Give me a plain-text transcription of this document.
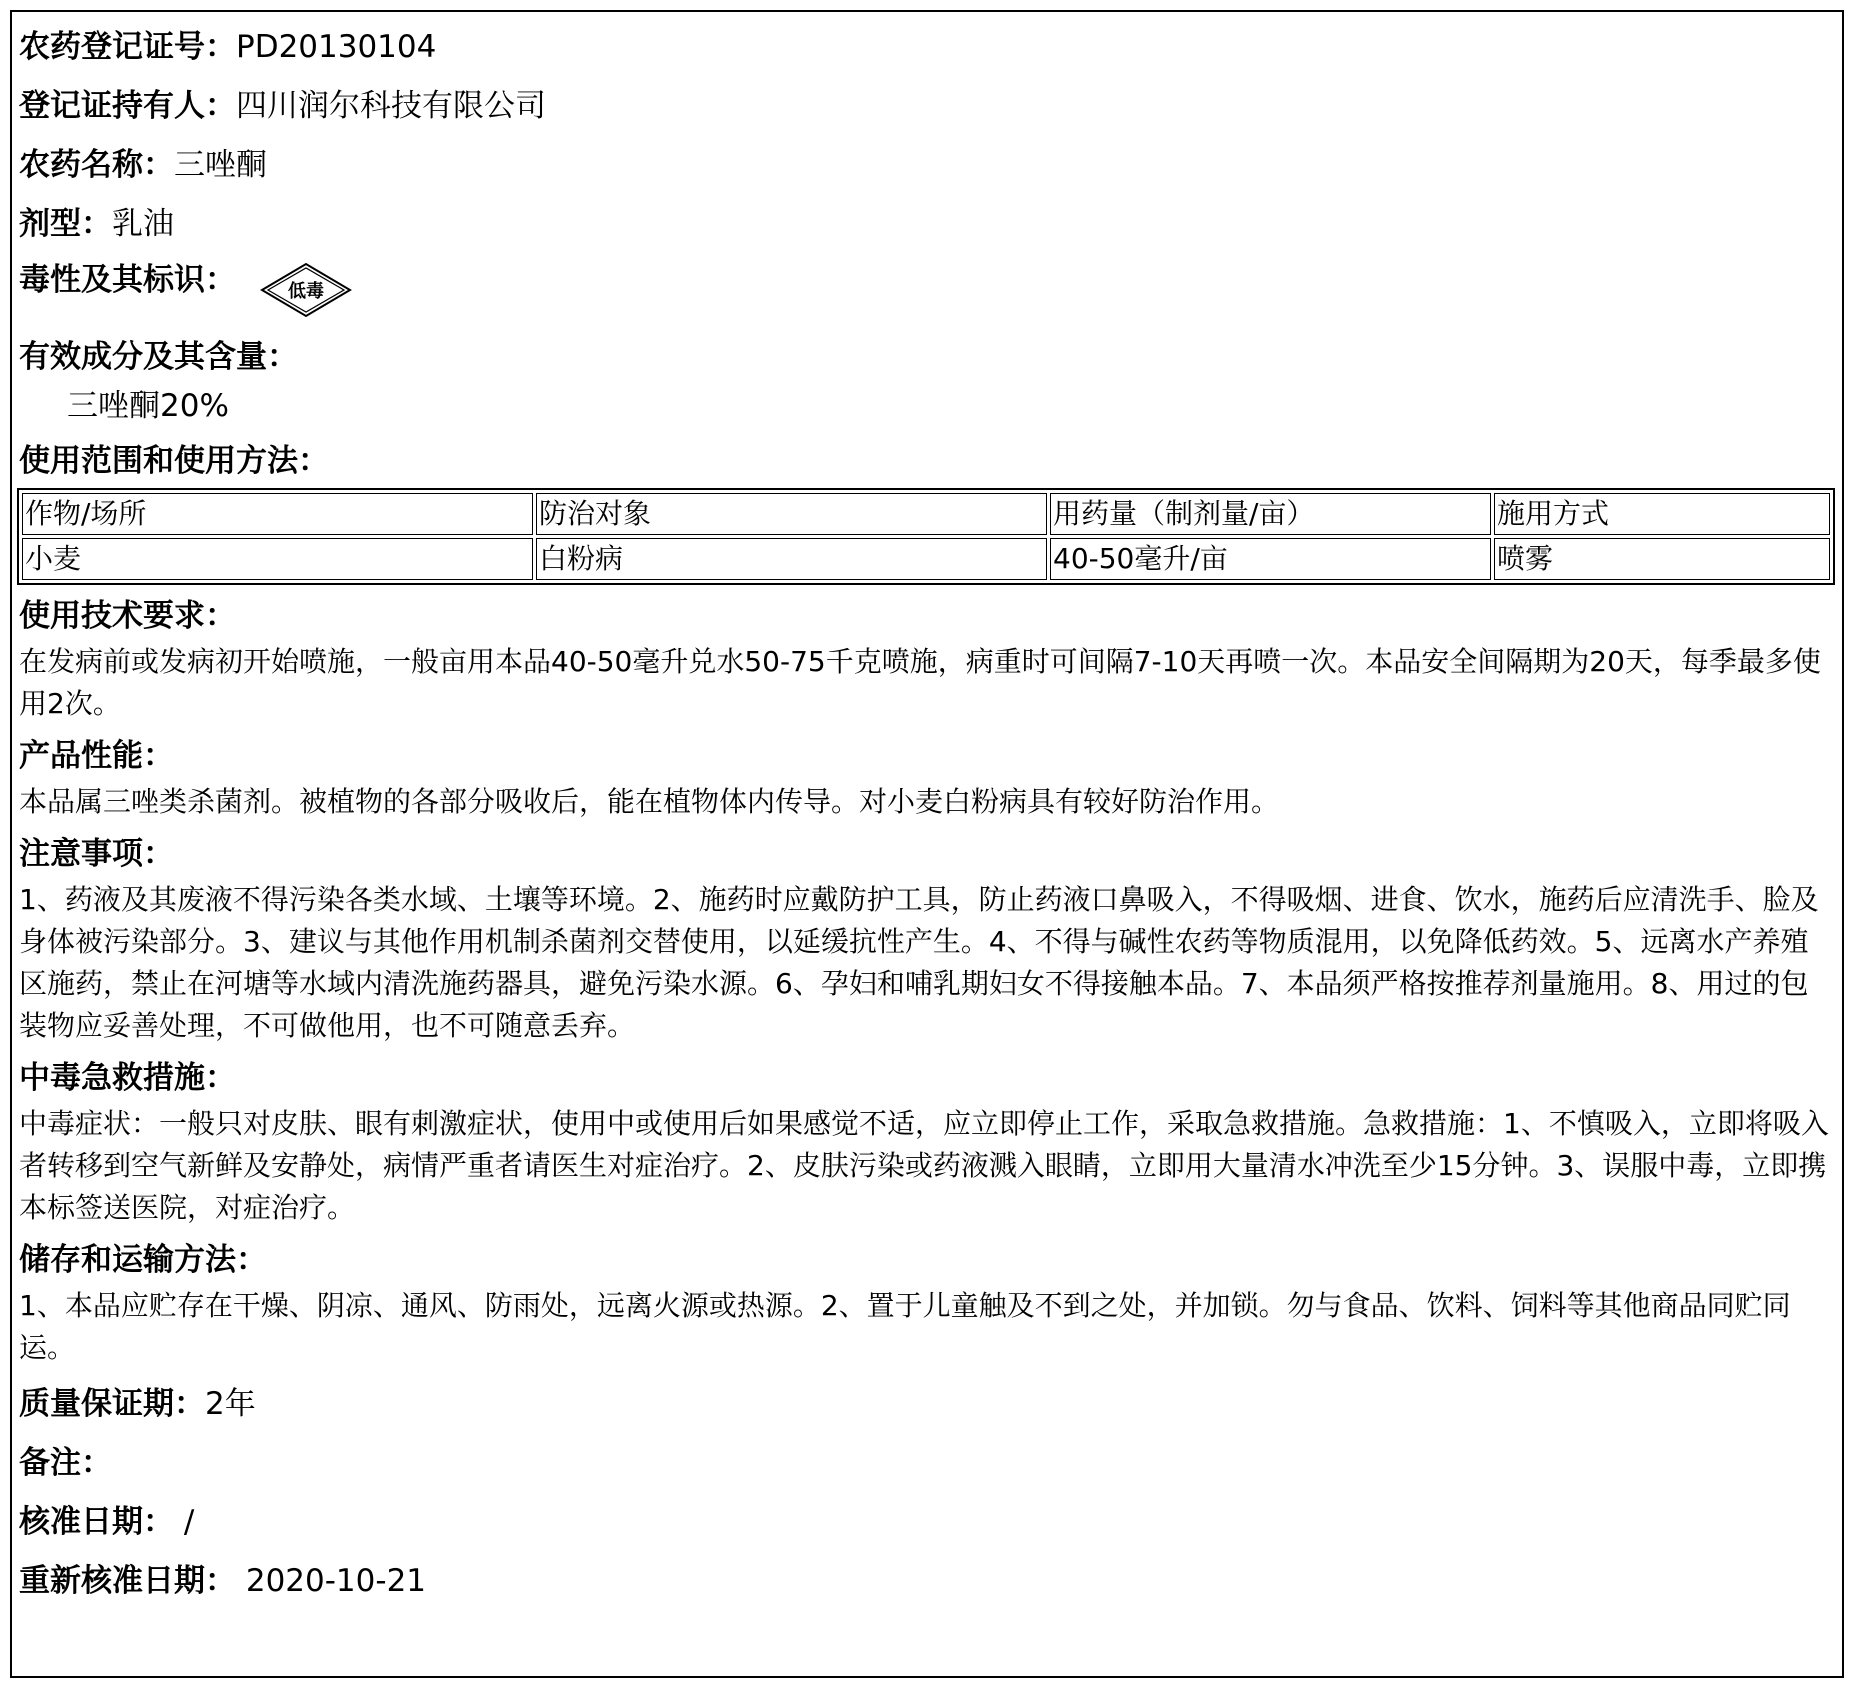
农药登记证号：PD20130104
登记证持有人：四川润尔科技有限公司
农药名称：三唑酮
剂型：乳油
毒性及其标识：	低毒
有效成分及其含量：
三唑酮20%
使用范围和使用方法：
作物/场所	防治对象	用药量（制剂量/亩）	施用方式
小麦	白粉病	40-50毫升/亩	喷雾
使用技术要求：
在发病前或发病初开始喷施，一般亩用本品40-50毫升兑水50-75千克喷施，病重时可间隔7-10天再喷一次。本品安全间隔期为20天，每季最多使用2次。
产品性能：
本品属三唑类杀菌剂。被植物的各部分吸收后，能在植物体内传导。对小麦白粉病具有较好防治作用。
注意事项：
1、药液及其废液不得污染各类水域、土壤等环境。2、施药时应戴防护工具，防止药液口鼻吸入，不得吸烟、进食、饮水，施药后应清洗手、脸及身体被污染部分。3、建议与其他作用机制杀菌剂交替使用，以延缓抗性产生。4、不得与碱性农药等物质混用，以免降低药效。5、远离水产养殖区施药，禁止在河塘等水域内清洗施药器具，避免污染水源。6、孕妇和哺乳期妇女不得接触本品。7、本品须严格按推荐剂量施用。8、用过的包装物应妥善处理，不可做他用，也不可随意丢弃。
中毒急救措施：
中毒症状：一般只对皮肤、眼有刺激症状，使用中或使用后如果感觉不适，应立即停止工作，采取急救措施。急救措施：1、不慎吸入，立即将吸入者转移到空气新鲜及安静处，病情严重者请医生对症治疗。2、皮肤污染或药液溅入眼睛，立即用大量清水冲洗至少15分钟。3、误服中毒，立即携本标签送医院，对症治疗。
储存和运输方法：
1、本品应贮存在干燥、阴凉、通风、防雨处，远离火源或热源。2、置于儿童触及不到之处，并加锁。勿与食品、饮料、饲料等其他商品同贮同运。
质量保证期：2年
备注：
核准日期： /
重新核准日期： 2020-10-21
